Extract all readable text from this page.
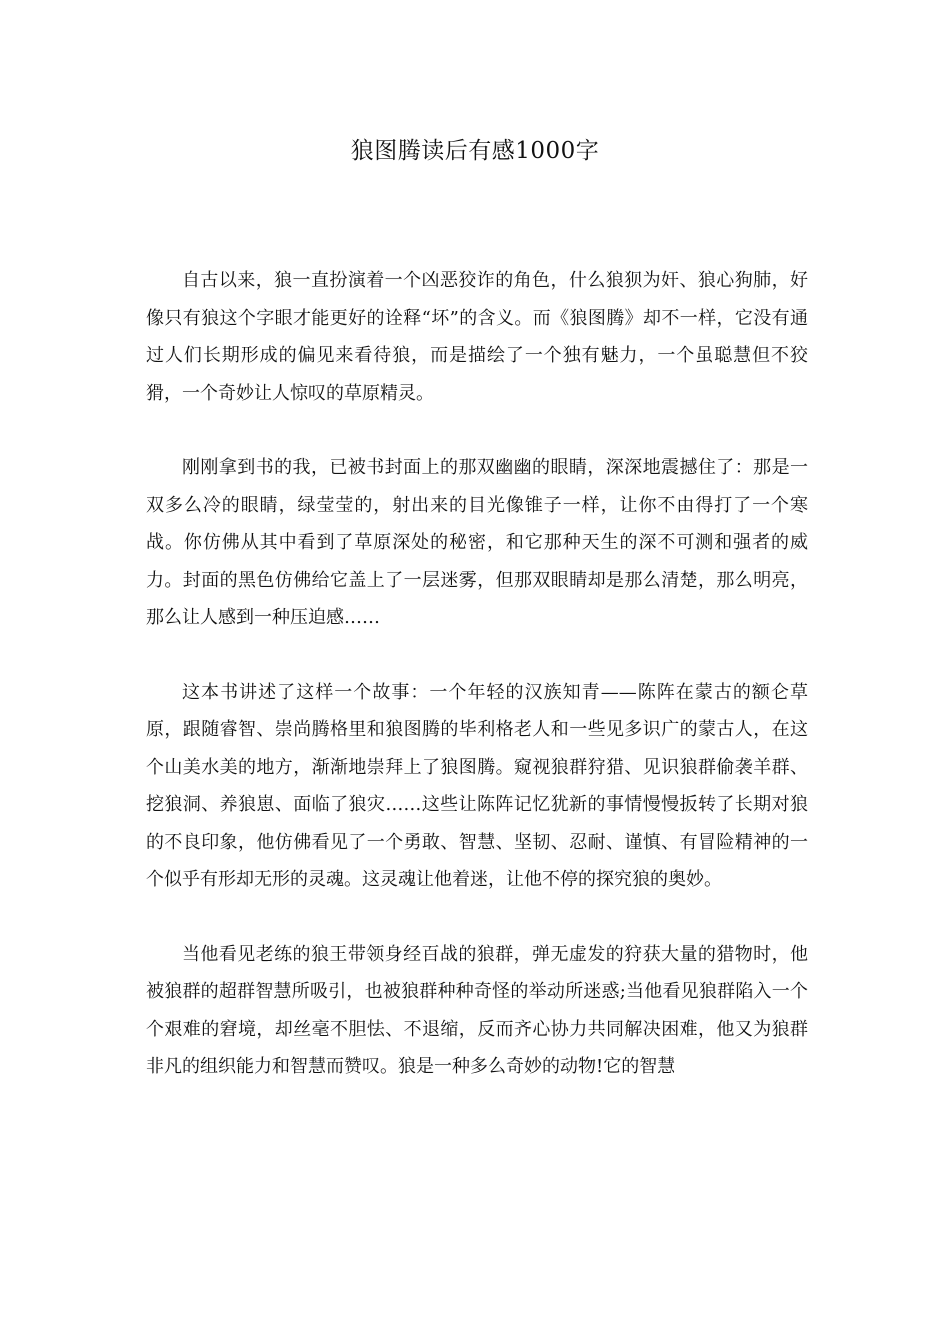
狼图腾读后有感1000字

自古以来，狼一直扮演着一个凶恶狡诈的角色，什么狼狈为奸、狼心狗肺，好像只有狼这个字眼才能更好的诠释“坏”的含义。而《狼图腾》却不一样，它没有通过人们长期形成的偏见来看待狼，而是描绘了一个独有魅力，一个虽聪慧但不狡猾，一个奇妙让人惊叹的草原精灵。

刚刚拿到书的我，已被书封面上的那双幽幽的眼睛，深深地震撼住了：那是一双多么冷的眼睛，绿莹莹的，射出来的目光像锥子一样，让你不由得打了一个寒战。你仿佛从其中看到了草原深处的秘密，和它那种天生的深不可测和强者的威力。封面的黑色仿佛给它盖上了一层迷雾，但那双眼睛却是那么清楚，那么明亮，那么让人感到一种压迫感……

这本书讲述了这样一个故事：一个年轻的汉族知青——陈阵在蒙古的额仑草原，跟随睿智、崇尚腾格里和狼图腾的毕利格老人和一些见多识广的蒙古人，在这个山美水美的地方，渐渐地崇拜上了狼图腾。窥视狼群狩猎、见识狼群偷袭羊群、挖狼洞、养狼崽、面临了狼灾……这些让陈阵记忆犹新的事情慢慢扳转了长期对狼的不良印象，他仿佛看见了一个勇敢、智慧、坚韧、忍耐、谨慎、有冒险精神的一个似乎有形却无形的灵魂。这灵魂让他着迷，让他不停的探究狼的奥妙。

当他看见老练的狼王带领身经百战的狼群，弹无虚发的狩获大量的猎物时，他被狼群的超群智慧所吸引，也被狼群种种奇怪的举动所迷惑;当他看见狼群陷入一个个艰难的窘境，却丝毫不胆怯、不退缩，反而齐心协力共同解决困难，他又为狼群非凡的组织能力和智慧而赞叹。狼是一种多么奇妙的动物!它的智慧
